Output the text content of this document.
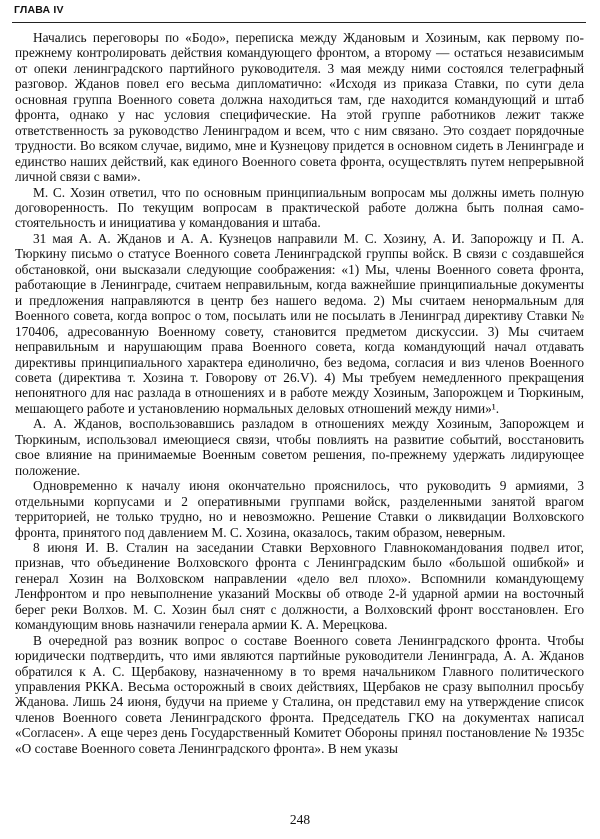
ГЛАВА IV

Начались переговоры по «Бодо», переписка между Ждановым и Хозиным, как первому попрежнему контролировать действия командующего фронтом, а второму — остаться независимым от опеки ленинградского партийного руководителя. 3 мая между ними состоялся телеграфный разговор. Жданов повел его весьма дипломатично: «Исходя из приказа Ставки, по сути дела основная группа Военного совета должна находиться там, где находится командующий и штаб фронта, однако у нас условия специфические. На этой группе работников лежит также ответственность за руководство Ленинградом и всем, что с ним связано. Это создает порядочные трудности. Во всяком случае, видимо, мне и Кузнецову придется в основном сидеть в Ленинграде и единство наших действий, как единого Военного совета фронта, осуществлять путем непрерывной личной связи с вами».

М. С. Хозин ответил, что по основным принципиальным вопросам мы должны иметь полную договоренность. По текущим вопросам в практической работе должна быть полная самостоятельность и инициатива у командования и штаба.

31 мая А. А. Жданов и А. А. Кузнецов направили М. С. Хозину, А. И. Запорожцу и П. А. Тюркину письмо о статусе Военного совета Ленинградской группы войск. В связи с создавшейся обстановкой, они высказали следующие соображения: «1) Мы, члены Военного совета фронта, работающие в Ленинграде, считаем неправильным, когда важнейшие принципиальные документы и предложения направляются в центр без нашего ведома. 2) Мы считаем ненормальным для Военного совета, когда вопрос о том, посылать или не посылать в Ленинград директиву Ставки № 170406, адресованную Военному совету, становится предметом дискуссии. 3) Мы считаем неправильным и нарушающим права Военного совета, когда командующий начал отдавать директивы принципиального характера единолично, без ведома, согласия и виз членов Военного совета (директива т. Хозина т. Говорову от 26.V). 4) Мы требуем немедленного прекращения непонятного для нас разлада в отношениях и в работе между Хозиным, Запорожцем и Тюркиным, мешающего работе и установлению нормальных деловых отношений между ними»¹.

А. А. Жданов, воспользовавшись разладом в отношениях между Хозиным, Запорожцем и Тюркиным, использовал имеющиеся связи, чтобы повлиять на развитие событий, восстановить свое влияние на принимаемые Военным советом решения, по-прежнему удержать лидирующее положение.

Одновременно к началу июня окончательно прояснилось, что руководить 9 армиями, 3 отдельными корпусами и 2 оперативными группами войск, разделенными занятой врагом территорией, не только трудно, но и невозможно. Решение Ставки о ликвидации Волховского фронта, принятого под давлением М. С. Хозина, оказалось, таким образом, неверным.

8 июня И. В. Сталин на заседании Ставки Верховного Главнокомандования подвел итог, признав, что объединение Волховского фронта с Ленинградским было «большой ошибкой» и генерал Хозин на Волховском направлении «дело вел плохо». Вспомнили командующему Ленфронтом и про невыполнение указаний Москвы об отводе 2-й ударной армии на восточный берег реки Волхов. М. С. Хозин был снят с должности, а Волховский фронт восстановлен. Его командующим вновь назначили генерала армии К. А. Мерецкова.

В очередной раз возник вопрос о составе Военного совета Ленинградского фронта. Чтобы юридически подтвердить, что ими являются партийные руководители Ленинграда, А. А. Жданов обратился к А. С. Щербакову, назначенному в то время начальником Главного политического управления РККА. Весьма осторожный в своих действиях, Щербаков не сразу выполнил просьбу Жданова. Лишь 24 июня, будучи на приеме у Сталина, он представил ему на утверждение список членов Военного совета Ленинградского фронта. Председатель ГКО на документах написал «Согласен». А еще через день Государственный Комитет Обороны принял постановление № 1935с «О составе Военного совета Ленинградского фронта». В нем указы

248
